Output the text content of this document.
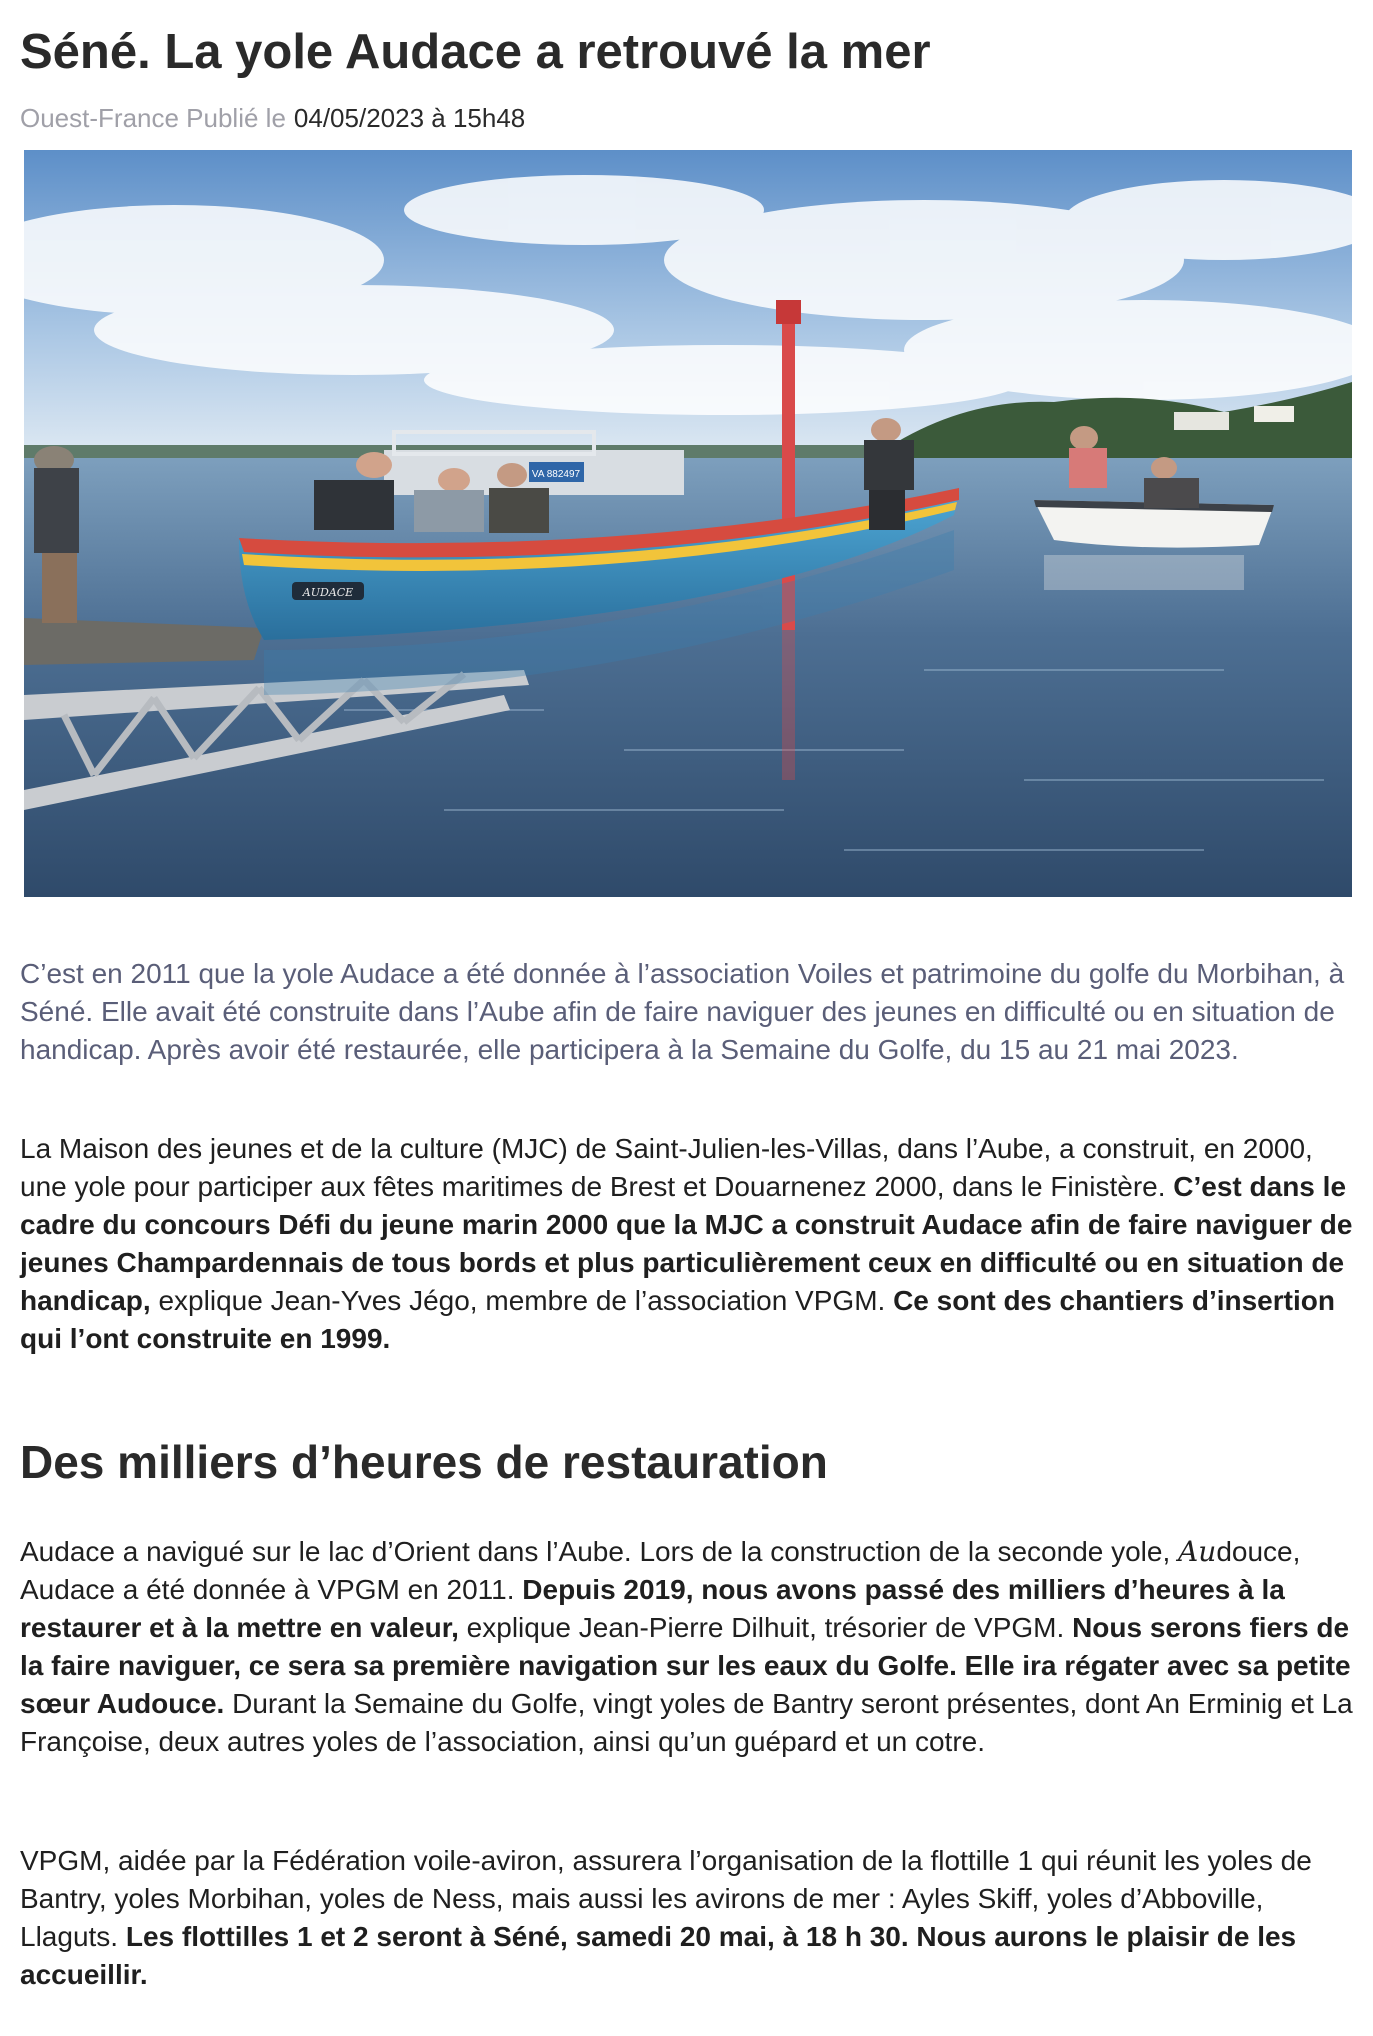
Séné. La yole Audace a retrouvé la mer
Ouest-France Publié le 04/05/2023 à 15h48
VA 882497
AUDACE

C’est en 2011 que la yole Audace a été donnée à l’association Voiles et patrimoine du golfe du Morbihan, à Séné. Elle avait été construite dans l’Aube afin de faire naviguer des jeunes en difficulté ou en situation de handicap. Après avoir été restaurée, elle participera à la Semaine du Golfe, du 15 au 21 mai 2023.

La Maison des jeunes et de la culture (MJC) de Saint-Julien-les-Villas, dans l’Aube, a construit, en 2000, une yole pour participer aux fêtes maritimes de Brest et Douarnenez 2000, dans le Finistère. C’est dans le cadre du concours Défi du jeune marin 2000 que la MJC a construit Audace afin de faire naviguer de jeunes Champardennais de tous bords et plus particulièrement ceux en difficulté ou en situation de handicap, explique Jean-Yves Jégo, membre de l’association VPGM. Ce sont des chantiers d’insertion qui l’ont construite en 1999.

Des milliers d’heures de restauration

Audace a navigué sur le lac d’Orient dans l’Aube. Lors de la construction de la seconde yole, Audouce, Audace a été donnée à VPGM en 2011. Depuis 2019, nous avons passé des milliers d’heures à la restaurer et à la mettre en valeur, explique Jean-Pierre Dilhuit, trésorier de VPGM. Nous serons fiers de la faire naviguer, ce sera sa première navigation sur les eaux du Golfe. Elle ira régater avec sa petite sœur Audouce. Durant la Semaine du Golfe, vingt yoles de Bantry seront présentes, dont An Erminig et La Françoise, deux autres yoles de l’association, ainsi qu’un guépard et un cotre.

VPGM, aidée par la Fédération voile-aviron, assurera l’organisation de la flottille 1 qui réunit les yoles de Bantry, yoles Morbihan, yoles de Ness, mais aussi les avirons de mer : Ayles Skiff, yoles d’Abboville, Llaguts. Les flottilles 1 et 2 seront à Séné, samedi 20 mai, à 18 h 30. Nous aurons le plaisir de les accueillir.
